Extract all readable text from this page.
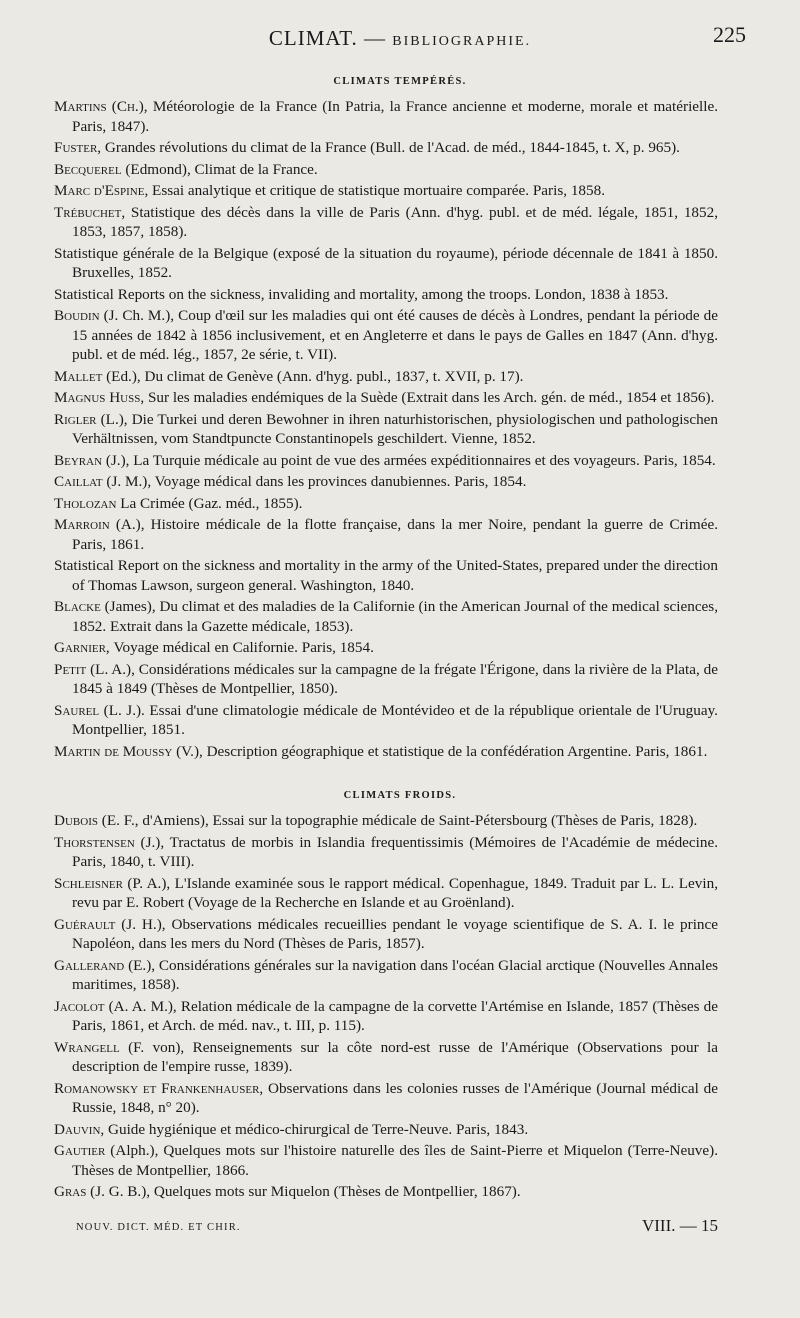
CLIMAT. — BIBLIOGRAPHIE.	225
CLIMATS TEMPÉRÉS.

Martins (Ch.), Météorologie de la France (In Patria, la France ancienne et moderne, morale et matérielle. Paris, 1847).

Fuster, Grandes révolutions du climat de la France (Bull. de l'Acad. de méd., 1844-1845, t. X, p. 965).

Becquerel (Edmond), Climat de la France.

Marc d'Espine, Essai analytique et critique de statistique mortuaire comparée. Paris, 1858.

Trébuchet, Statistique des décès dans la ville de Paris (Ann. d'hyg. publ. et de méd. légale, 1851, 1852, 1853, 1857, 1858).

Statistique générale de la Belgique (exposé de la situation du royaume), période décennale de 1841 à 1850. Bruxelles, 1852.

Statistical Reports on the sickness, invaliding and mortality, among the troops. London, 1838 à 1853.

Boudin (J. Ch. M.), Coup d'œil sur les maladies qui ont été causes de décès à Londres, pendant la période de 15 années de 1842 à 1856 inclusivement, et en Angleterre et dans le pays de Galles en 1847 (Ann. d'hyg. publ. et de méd. lég., 1857, 2e série, t. VII).

Mallet (Ed.), Du climat de Genève (Ann. d'hyg. publ., 1837, t. XVII, p. 17).

Magnus Huss, Sur les maladies endémiques de la Suède (Extrait dans les Arch. gén. de méd., 1854 et 1856).

Rigler (L.), Die Turkei und deren Bewohner in ihren naturhistorischen, physiologischen und pathologischen Verhältnissen, vom Standtpuncte Constantinopels geschildert. Vienne, 1852.

Beyran (J.), La Turquie médicale au point de vue des armées expéditionnaires et des voyageurs. Paris, 1854.

Caillat (J. M.), Voyage médical dans les provinces danubiennes. Paris, 1854.

Tholozan La Crimée (Gaz. méd., 1855).

Marroin (A.), Histoire médicale de la flotte française, dans la mer Noire, pendant la guerre de Crimée. Paris, 1861.

Statistical Report on the sickness and mortality in the army of the United-States, prepared under the direction of Thomas Lawson, surgeon general. Washington, 1840.

Blacke (James), Du climat et des maladies de la Californie (in the American Journal of the medical sciences, 1852. Extrait dans la Gazette médicale, 1853).

Garnier, Voyage médical en Californie. Paris, 1854.

Petit (L. A.), Considérations médicales sur la campagne de la frégate l'Érigone, dans la rivière de la Plata, de 1845 à 1849 (Thèses de Montpellier, 1850).

Saurel (L. J.). Essai d'une climatologie médicale de Montévideo et de la république orientale de l'Uruguay. Montpellier, 1851.

Martin de Moussy (V.), Description géographique et statistique de la confédération Argentine. Paris, 1861.

CLIMATS FROIDS.

Dubois (E. F., d'Amiens), Essai sur la topographie médicale de Saint-Pétersbourg (Thèses de Paris, 1828).

Thorstensen (J.), Tractatus de morbis in Islandia frequentissimis (Mémoires de l'Académie de médecine. Paris, 1840, t. VIII).

Schleisner (P. A.), L'Islande examinée sous le rapport médical. Copenhague, 1849. Traduit par L. L. Levin, revu par E. Robert (Voyage de la Recherche en Islande et au Groënland).

Guérault (J. H.), Observations médicales recueillies pendant le voyage scientifique de S. A. I. le prince Napoléon, dans les mers du Nord (Thèses de Paris, 1857).

Gallerand (E.), Considérations générales sur la navigation dans l'océan Glacial arctique (Nouvelles Annales maritimes, 1858).

Jacolot (A. A. M.), Relation médicale de la campagne de la corvette l'Artémise en Islande, 1857 (Thèses de Paris, 1861, et Arch. de méd. nav., t. III, p. 115).

Wrangell (F. von), Renseignements sur la côte nord-est russe de l'Amérique (Observations pour la description de l'empire russe, 1839).

Romanowsky et Frankenhauser, Observations dans les colonies russes de l'Amérique (Journal médical de Russie, 1848, n° 20).

Dauvin, Guide hygiénique et médico-chirurgical de Terre-Neuve. Paris, 1843.

Gautier (Alph.), Quelques mots sur l'histoire naturelle des îles de Saint-Pierre et Miquelon (Terre-Neuve). Thèses de Montpellier, 1866.

Gras (J. G. B.), Quelques mots sur Miquelon (Thèses de Montpellier, 1867).

NOUV. DICT. MÉD. ET CHIR.	VIII. — 15
